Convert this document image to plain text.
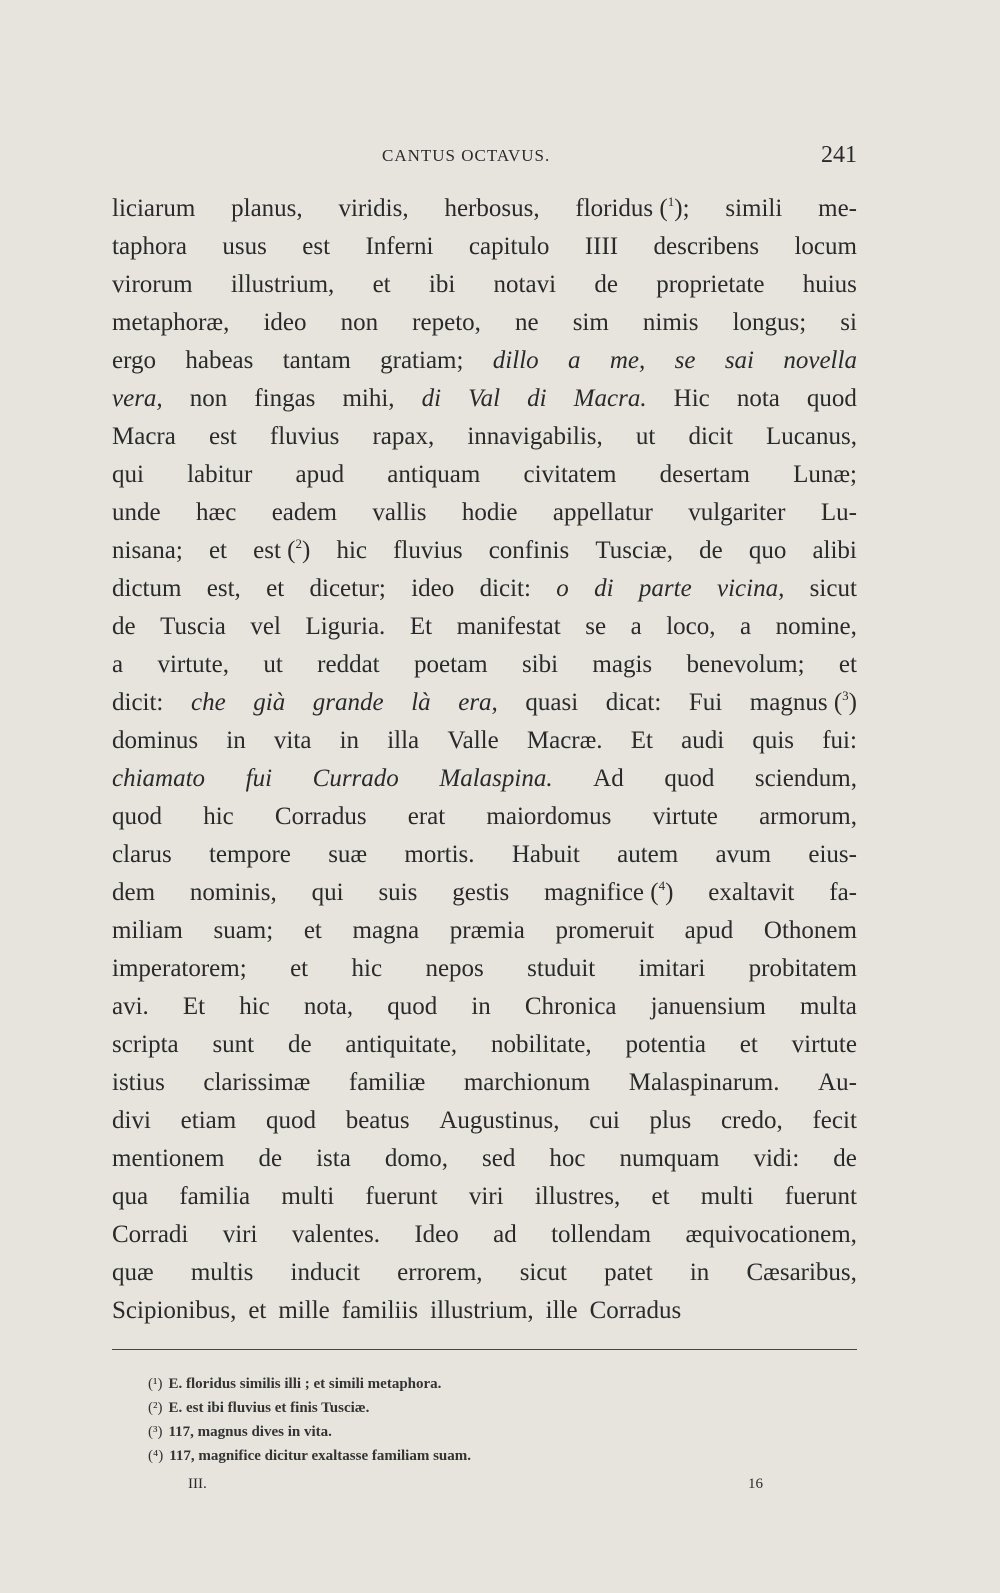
CANTUS OCTAVUS.	241
liciarum planus, viridis, herbosus, floridus ($^1$); simili me-
taphora usus est Inferni capitulo IIII describens locum
virorum illustrium, et ibi notavi de proprietate huius
metaphoræ, ideo non repeto, ne sim nimis longus; si
ergo habeas tantam gratiam; dillo a me, se sai novella
vera, non fingas mihi, di Val di Macra. Hic nota quod
Macra est fluvius rapax, innavigabilis, ut dicit Lucanus,
qui labitur apud antiquam civitatem desertam Lunæ;
unde hæc eadem vallis hodie appellatur vulgariter Lu-
nisana; et est ($^2$) hic fluvius confinis Tusciæ, de quo alibi
dictum est, et dicetur; ideo dicit: o di parte vicina, sicut
de Tuscia vel Liguria. Et manifestat se a loco, a nomine,
a virtute, ut reddat poetam sibi magis benevolum; et
dicit: che già grande là era, quasi dicat: Fui magnus ($^3$)
dominus in vita in illa Valle Macræ. Et audi quis fui:
chiamato fui Currado Malaspina. Ad quod sciendum,
quod hic Corradus erat maiordomus virtute armorum,
clarus tempore suæ mortis. Habuit autem avum eius-
dem nominis, qui suis gestis magnifice ($^4$) exaltavit fa-
miliam suam; et magna præmia promeruit apud Othonem
imperatorem; et hic nepos studuit imitari probitatem
avi. Et hic nota, quod in Chronica januensium multa
scripta sunt de antiquitate, nobilitate, potentia et virtute
istius clarissimæ familiæ marchionum Malaspinarum. Au-
divi etiam quod beatus Augustinus, cui plus credo, fecit
mentionem de ista domo, sed hoc numquam vidi: de
qua familia multi fuerunt viri illustres, et multi fuerunt
Corradi viri valentes. Ideo ad tollendam æquivocationem,
quæ multis inducit errorem, sicut patet in Cæsaribus,
Scipionibus, et mille familiis illustrium, ille Corradus
(¹) E. floridus similis illi ; et simili metaphora.
(²) E. est ibi fluvius et finis Tusciæ.
(³) 117, magnus dives in vita.
(⁴) 117, magnifice dicitur exaltasse familiam suam.
III.	16
